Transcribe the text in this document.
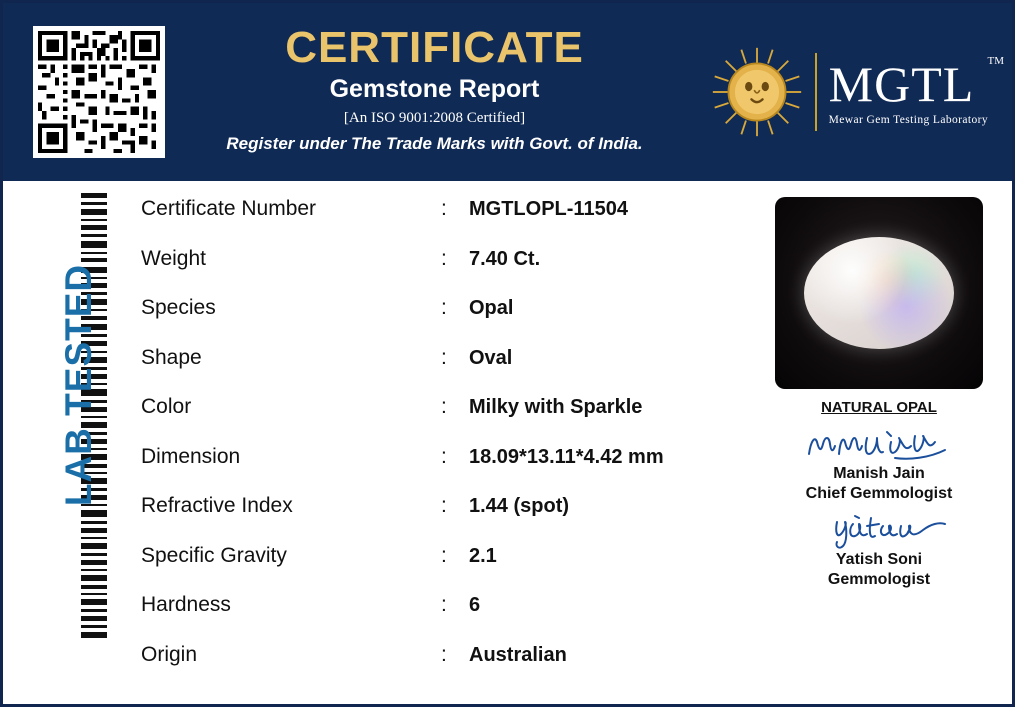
CERTIFICATE
Gemstone Report
[An ISO 9001:2008 Certified]
Register under The Trade Marks with Govt. of India.
MGTL	TM
Mewar Gem Testing Laboratory
LAB TESTED
Certificate Number	:	MGTLOPL-11504
Weight	:	7.40 Ct.
Species	:	Opal
Shape	:	Oval
Color	:	Milky with Sparkle
Dimension	:	18.09*13.11*4.42 mm
Refractive Index	:	1.44 (spot)
Specific Gravity	:	2.1
Hardness	:	6
Origin	:	Australian
NATURAL OPAL
Manish Jain
Chief Gemmologist
Yatish Soni
Gemmologist
